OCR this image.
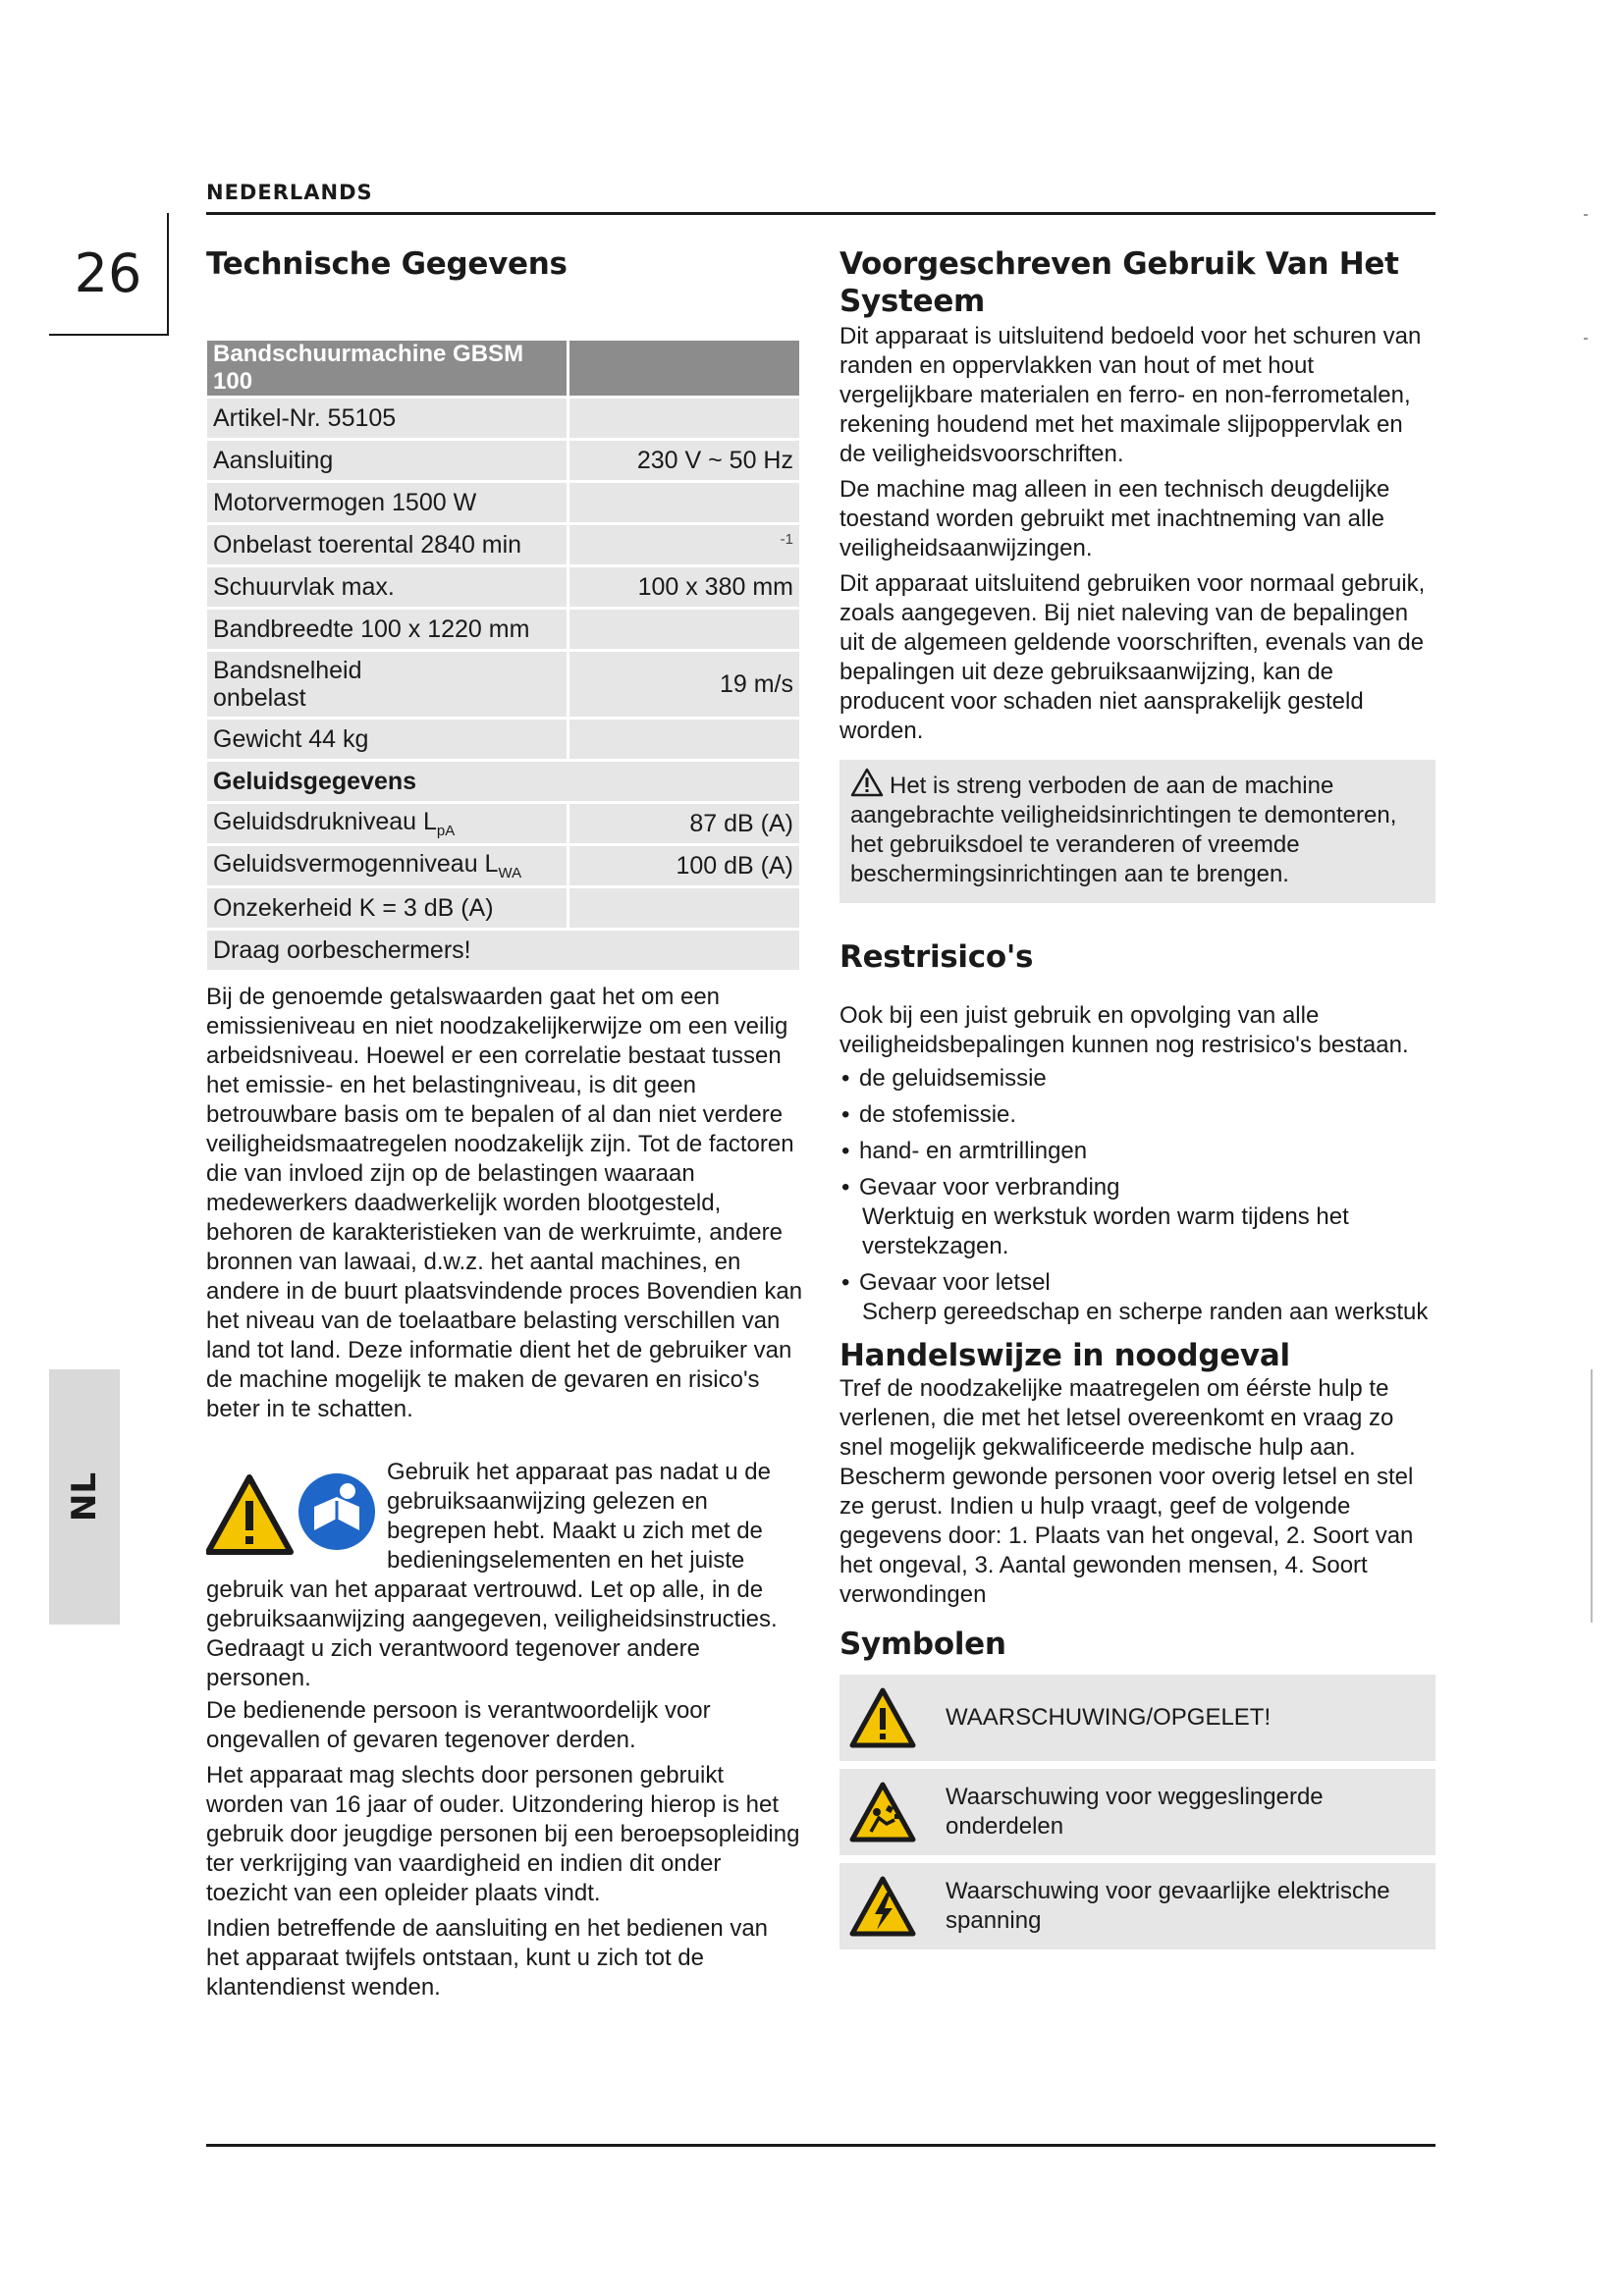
NEDERLANDS
26
NL
Technische Gegevens
Bandschuurmachine GBSM 100	
Artikel-Nr. 55105	
Aansluiting	230 V ~ 50 Hz
Motorvermogen 1500 W	
Onbelast toerental 2840 min	$^{-1}$
Schuurvlak max.	100 x 380 mm
Bandbreedte 100 x 1220 mm	
Bandsnelheid
onbelast	19 m/s
Gewicht 44 kg	
Geluidsgegevens	
Geluidsdrukniveau $L_{pA}$	87 dB (A)
Geluidsvermogenniveau $L_{WA}$	100 dB (A)
Onzekerheid K = 3 dB (A)	
Draag oorbeschermers!	

Bij de genoemde getalswaarden gaat het om een emissieniveau en niet noodzakelijkerwijze om een veilig arbeidsniveau. Hoewel er een correlatie bestaat tussen het emissie- en het belastingniveau, is dit geen betrouwbare basis om te bepalen of al dan niet verdere veiligheidsmaatregelen noodzakelijk zijn. Tot de factoren die van invloed zijn op de belastingen waaraan medewerkers daadwerkelijk worden blootgesteld, behoren de karakteristieken van de werkruimte, andere bronnen van lawaai, d.w.z. het aantal machines, en andere in de buurt plaatsvindende proces Bovendien kan het niveau van de toelaatbare belasting verschillen van land tot land. Deze informatie dient het de gebruiker van de machine mogelijk te maken de gevaren en risico's beter in te schatten.

Gebruik het apparaat pas nadat u de gebruiksaanwijzing gelezen en begrepen hebt. Maakt u zich met de bedieningselementen en het juiste gebruik van het apparaat vertrouwd. Let op alle, in de gebruiksaanwijzing aangegeven, veiligheidsinstructies. Gedraagt u zich verantwoord tegenover andere personen.

De bedienende persoon is verantwoordelijk voor ongevallen of gevaren tegenover derden.

Het apparaat mag slechts door personen gebruikt worden van 16 jaar of ouder. Uitzondering hierop is het gebruik door jeugdige personen bij een beroepsopleiding ter verkrijging van vaardigheid en indien dit onder toezicht van een opleider plaats vindt.

Indien betreffende de aansluiting en het bedienen van het apparaat twijfels ontstaan, kunt u zich tot de klantendienst wenden.

Voorgeschreven Gebruik Van Het Systeem

Dit apparaat is uitsluitend bedoeld voor het schuren van randen en oppervlakken van hout of met hout vergelijkbare materialen en ferro- en non-ferrometalen, rekening houdend met het maximale slijpoppervlak en de veiligheidsvoorschriften.

De machine mag alleen in een technisch deugdelijke toestand worden gebruikt met inachtneming van alle veiligheidsaanwijzingen.

Dit apparaat uitsluitend gebruiken voor normaal gebruik, zoals aangegeven. Bij niet naleving van de bepalingen uit de algemeen geldende voorschriften, evenals van de bepalingen uit deze gebruiksaanwijzing, kan de producent voor schaden niet aansprakelijk gesteld worden.

Het is streng verboden de aan de machine aangebrachte veiligheidsinrichtingen te demonteren, het gebruiksdoel te veranderen of vreemde beschermingsinrichtingen aan te brengen.

Restrisico's

Ook bij een juist gebruik en opvolging van alle veiligheidsbepalingen kunnen nog restrisico's bestaan.

• de geluidsemissie
• de stofemissie.
• hand- en armtrillingen
• Gevaar voor verbranding
Werktuig en werkstuk worden warm tijdens het verstekzagen.
• Gevaar voor letsel
Scherp gereedschap en scherpe randen aan werkstuk
Handelswijze in noodgeval

Tref de noodzakelijke maatregelen om éérste hulp te verlenen, die met het letsel overeenkomt en vraag zo snel mogelijk gekwalificeerde medische hulp aan. Bescherm gewonde personen voor overig letsel en stel ze gerust. Indien u hulp vraagt, geef de volgende gegevens door: 1. Plaats van het ongeval, 2. Soort van het ongeval, 3. Aantal gewonden mensen, 4. Soort verwondingen

Symbolen
WAARSCHUWING/OPGELET!
Waarschuwing voor weggeslingerde onderdelen
Waarschuwing voor gevaarlijke elektrische spanning
